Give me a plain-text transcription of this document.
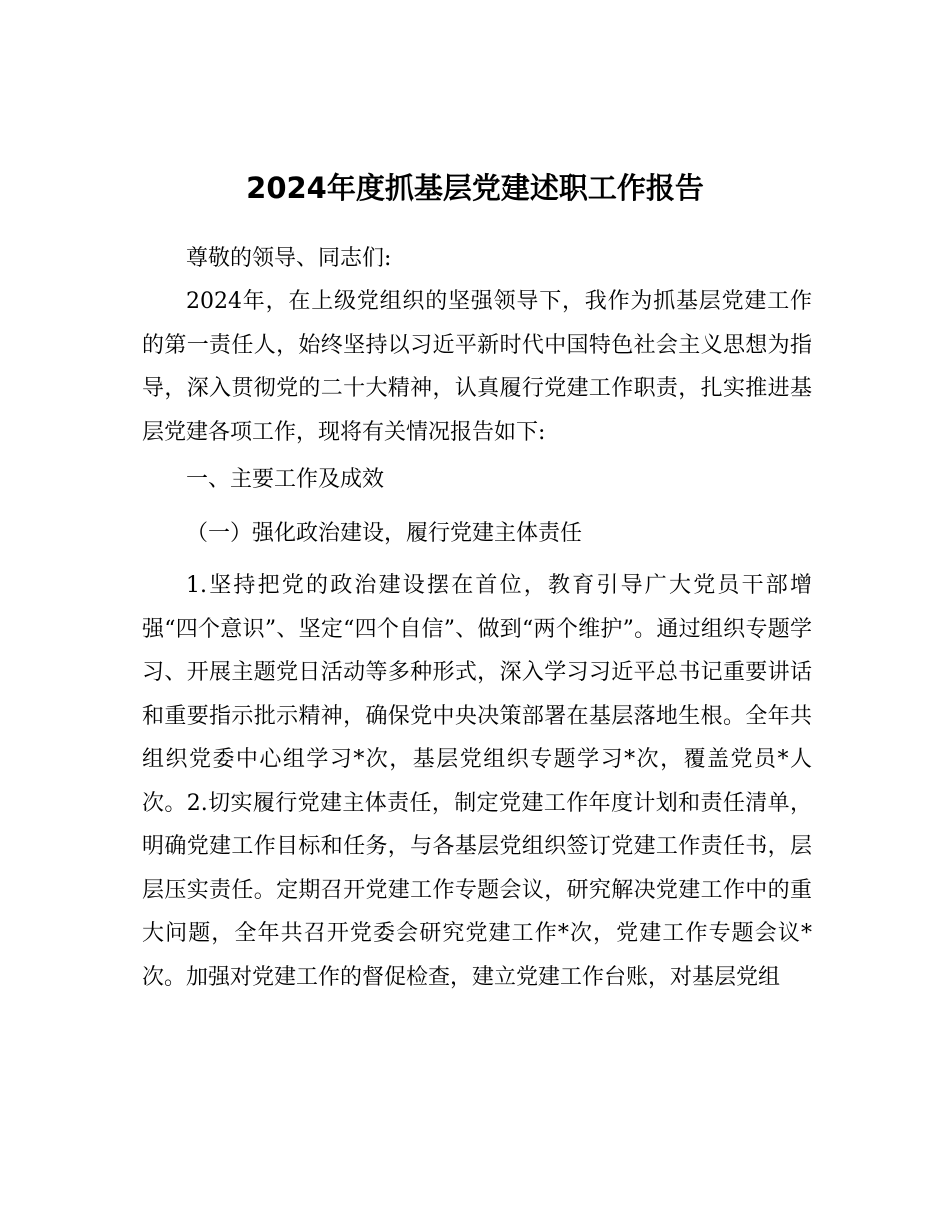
2024年度抓基层党建述职工作报告

尊敬的领导、同志们:

2024年，在上级党组织的坚强领导下，我作为抓基层党建工作的第一责任人，始终坚持以习近平新时代中国特色社会主义思想为指导，深入贯彻党的二十大精神，认真履行党建工作职责，扎实推进基层党建各项工作，现将有关情况报告如下:

一、主要工作及成效

（一）强化政治建设，履行党建主体责任

1.坚持把党的政治建设摆在首位，教育引导广大党员干部增强“四个意识”、坚定“四个自信”、做到“两个维护”。通过组织专题学习、开展主题党日活动等多种形式，深入学习习近平总书记重要讲话和重要指示批示精神，确保党中央决策部署在基层落地生根。全年共组织党委中心组学习*次，基层党组织专题学习*次，覆盖党员*人次。2.切实履行党建主体责任，制定党建工作年度计划和责任清单，明确党建工作目标和任务，与各基层党组织签订党建工作责任书，层层压实责任。定期召开党建工作专题会议，研究解决党建工作中的重大问题，全年共召开党委会研究党建工作*次，党建工作专题会议*次。加强对党建工作的督促检查，建立党建工作台账，对基层党组
